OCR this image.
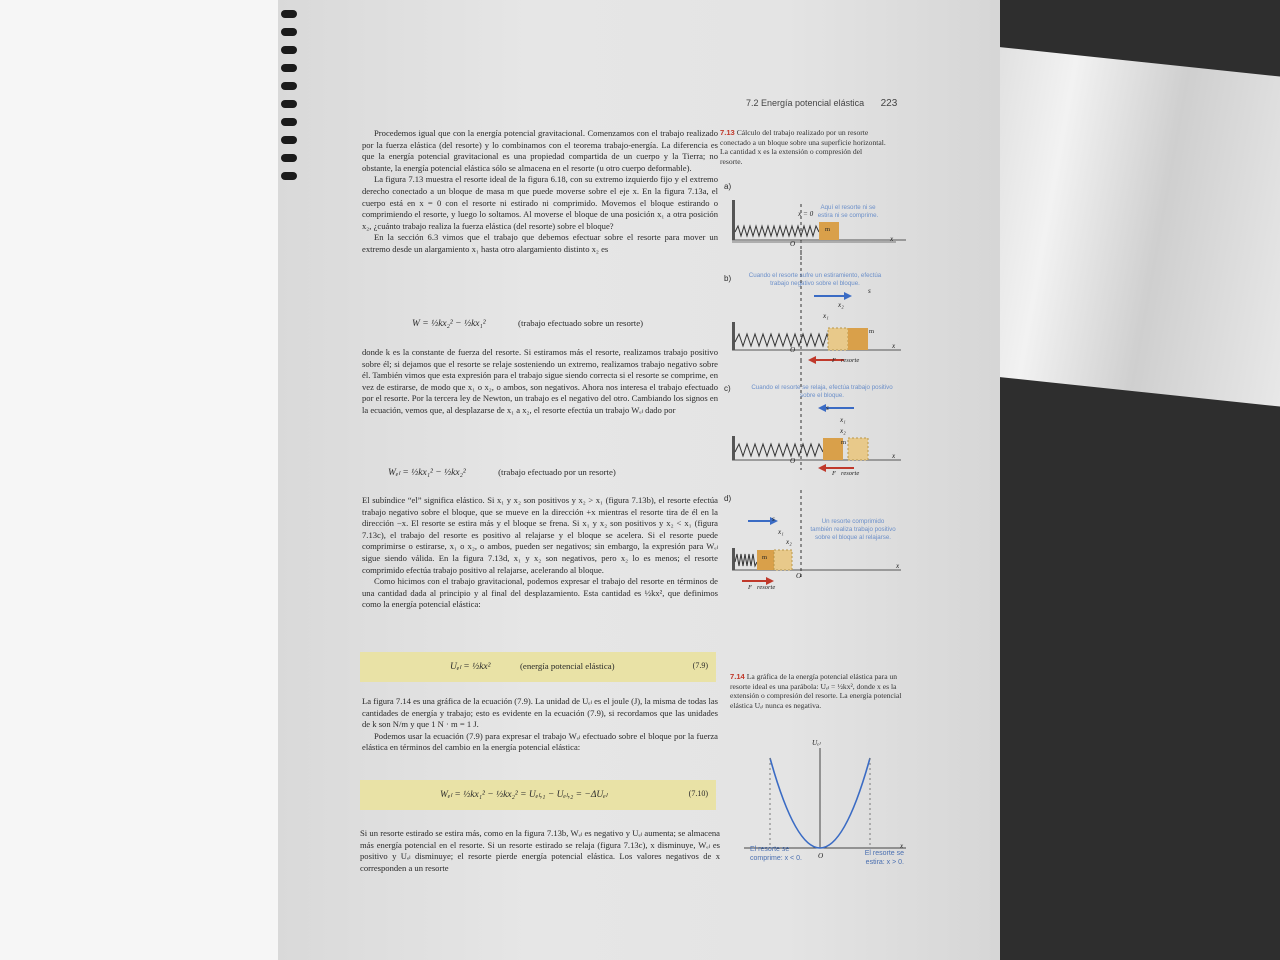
7.2 Energía potencial elástica 223

Procedemos igual que con la energía potencial gravitacional. Comenzamos con el trabajo realizado por la fuerza elástica (del resorte) y lo combinamos con el teorema trabajo-energía. La diferencia es que la energía potencial gravitacional es una propiedad compartida de un cuerpo y la Tierra; no obstante, la energía potencial elástica sólo se almacena en el resorte (u otro cuerpo deformable).

La figura 7.13 muestra el resorte ideal de la figura 6.18, con su extremo izquierdo fijo y el extremo derecho conectado a un bloque de masa m que puede moverse sobre el eje x. En la figura 7.13a, el cuerpo está en x = 0 con el resorte ni estirado ni comprimido. Movemos el bloque estirando o comprimiendo el resorte, y luego lo soltamos. Al moverse el bloque de una posición x₁ a otra posición x₂, ¿cuánto trabajo realiza la fuerza elástica (del resorte) sobre el bloque?

En la sección 6.3 vimos que el trabajo que debemos efectuar sobre el resorte para mover un extremo desde un alargamiento x₁ hasta otro alargamiento distinto x₂ es

W = ½kx₂² − ½kx₁²	(trabajo efectuado sobre un resorte)

donde k es la constante de fuerza del resorte. Si estiramos más el resorte, realizamos trabajo positivo sobre él; si dejamos que el resorte se relaje sosteniendo un extremo, realizamos trabajo negativo sobre él. También vimos que esta expresión para el trabajo sigue siendo correcta si el resorte se comprime, en vez de estirarse, de modo que x₁ o x₂, o ambos, son negativos. Ahora nos interesa el trabajo efectuado por el resorte. Por la tercera ley de Newton, un trabajo es el negativo del otro. Cambiando los signos en la ecuación, vemos que, al desplazarse de x₁ a x₂, el resorte efectúa un trabajo Wₑₗ dado por

Wₑₗ = ½kx₁² − ½kx₂²	(trabajo efectuado por un resorte)

El subíndice “el” significa elástico. Si x₁ y x₂ son positivos y x₂ > x₁ (figura 7.13b), el resorte efectúa trabajo negativo sobre el bloque, que se mueve en la dirección +x mientras el resorte tira de él en la dirección −x. El resorte se estira más y el bloque se frena. Si x₁ y x₂ son positivos y x₂ < x₁ (figura 7.13c), el trabajo del resorte es positivo al relajarse y el bloque se acelera. Si el resorte puede comprimirse o estirarse, x₁ o x₂, o ambos, pueden ser negativos; sin embargo, la expresión para Wₑₗ sigue siendo válida. En la figura 7.13d, x₁ y x₂ son negativos, pero x₂ lo es menos; el resorte comprimido efectúa trabajo positivo al relajarse, acelerando al bloque.

Como hicimos con el trabajo gravitacional, podemos expresar el trabajo del resorte en términos de una cantidad dada al principio y al final del desplazamiento. Esta cantidad es ½kx², que definimos como la energía potencial elástica:

Uₑₗ = ½kx²	(energía potencial elástica)	(7.9)

La figura 7.14 es una gráfica de la ecuación (7.9). La unidad de Uₑₗ es el joule (J), la misma de todas las cantidades de energía y trabajo; esto es evidente en la ecuación (7.9), si recordamos que las unidades de k son N/m y que 1 N · m = 1 J.

Podemos usar la ecuación (7.9) para expresar el trabajo Wₑₗ efectuado sobre el bloque por la fuerza elástica en términos del cambio en la energía potencial elástica:

Wₑₗ = ½kx₁² − ½kx₂² = Uₑₗ,₁ − Uₑₗ,₂ = −ΔUₑₗ	(7.10)

Si un resorte estirado se estira más, como en la figura 7.13b, Wₑₗ es negativo y Uₑₗ aumenta; se almacena más energía potencial en el resorte. Si un resorte estirado se relaja (figura 7.13c), x disminuye, Wₑₗ es positivo y Uₑₗ disminuye; el resorte pierde energía potencial elástica. Los valores negativos de x corresponden a un resorte

7.13 Cálculo del trabajo realizado por un resorte conectado a un bloque sobre una superficie horizontal. La cantidad x es la extensión o compresión del resorte.
a)
b)
c)
d)
x = 0
m
O
x
Aquí el resorte ni se estira ni se comprime.
Cuando el resorte sufre un estiramiento, efectúa trabajo negativo sobre el bloque.
s⃗
x₂
x₁
m
O	x
F⃗resorte
Cuando el resorte se relaja, efectúa trabajo positivo sobre el bloque.
s⃗
x₁
x₂
m
O
x
F⃗resorte
Un resorte comprimido también realiza trabajo positivo sobre el bloque al relajarse.
s⃗
x₁
x₂
m
O
x
F⃗resorte
7.14 La gráfica de la energía potencial elástica para un resorte ideal es una parábola: Uₑₗ = ½kx², donde x es la extensión o compresión del resorte. La energía potencial elástica Uₑₗ nunca es negativa.
Uₑₗ
x
O
El resorte se comprime: x < 0.
El resorte se estira: x > 0.
